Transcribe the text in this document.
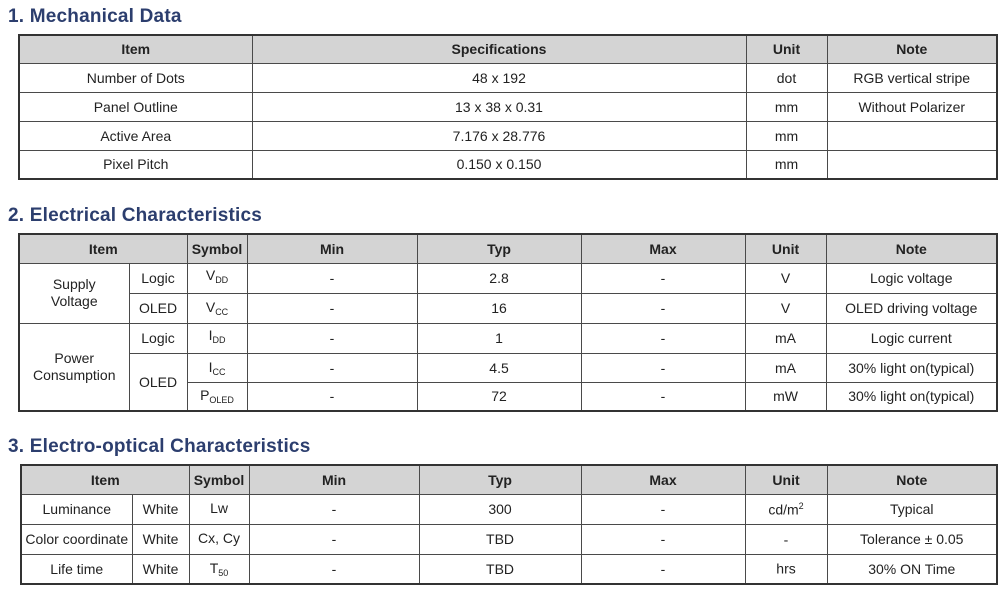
1. Mechanical Data
Item	Specifications	Unit	Note
Number of Dots	48 x 192	dot	RGB vertical stripe
Panel Outline	13 x 38 x 0.31	mm	Without Polarizer
Active Area	7.176 x 28.776	mm	
Pixel Pitch	0.150 x 0.150	mm	
2. Electrical Characteristics
Item		Symbol	Min	Typ	Max	Unit	Note
Supply Voltage	Logic	$V_{DD}$	-	2.8	-	V	Logic voltage
	OLED	$V_{CC}$	-	16	-	V	OLED driving voltage
Power Consumption	Logic	$I_{DD}$	-	1	-	mA	Logic current
	OLED	$I_{CC}$	-	4.5	-	mA	30% light on(typical)
		$P_{OLED}$	-	72	-	mW	30% light on(typical)
3. Electro-optical Characteristics
Item		Symbol	Min	Typ	Max	Unit	Note
Luminance	White	Lw	-	300	-	$cd/m^2$	Typical
Color coordinate	White	Cx, Cy	-	TBD	-	-	Tolerance ± 0.05
Life time	White	$T_{50}$	-	TBD	-	hrs	30% ON Time
